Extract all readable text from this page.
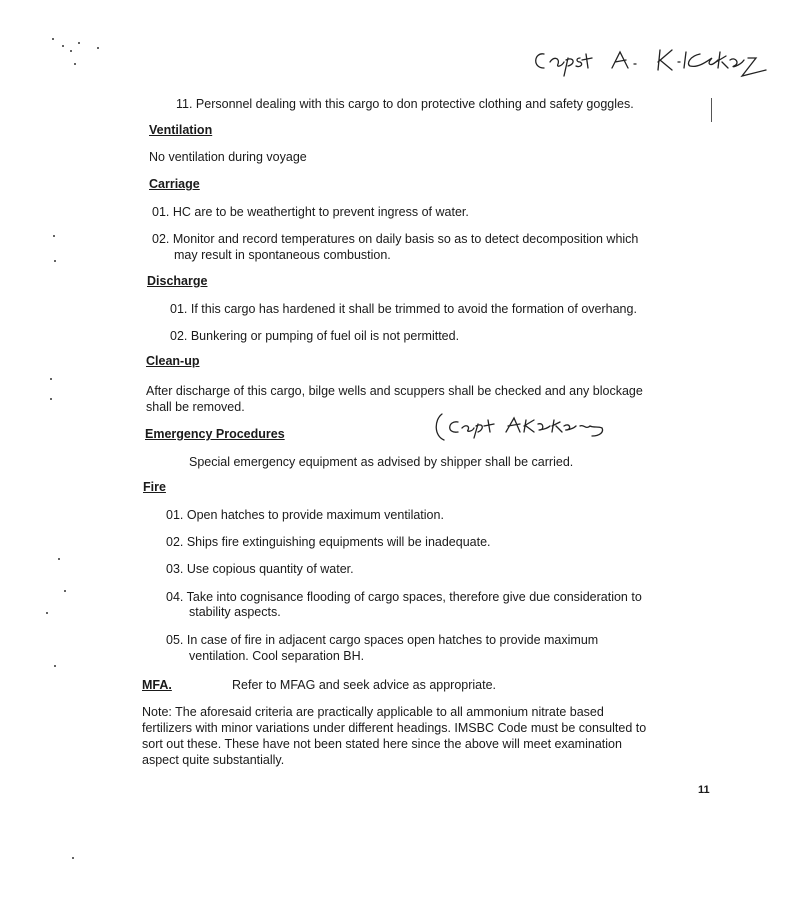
11. Personnel dealing with this cargo to don protective clothing and safety goggles.
Ventilation
No ventilation during voyage
Carriage
01. HC are to be weathertight to prevent ingress of water.
02. Monitor and record temperatures on daily basis so as to detect decomposition which
may result in spontaneous combustion.
Discharge
01. If this cargo has hardened it shall be trimmed to avoid the formation of overhang.
02. Bunkering or pumping of fuel oil is not permitted.
Clean-up
After discharge of this cargo, bilge wells and scuppers shall be checked and any blockage
shall be removed.
Emergency Procedures
Special emergency equipment as advised by shipper shall be carried.
Fire
01. Open hatches to provide maximum ventilation.
02. Ships fire extinguishing equipments will be inadequate.
03. Use copious quantity of water.
04. Take into cognisance flooding of cargo spaces, therefore give due consideration to
stability aspects.
05. In case of fire in adjacent cargo spaces open hatches to provide maximum
ventilation. Cool separation BH.
MFA.	Refer to MFAG and seek advice as appropriate.
Note: The aforesaid criteria are practically applicable to all ammonium nitrate based
fertilizers with minor variations under different headings. IMSBC Code must be consulted to
sort out these. These have not been stated here since the above will meet examination
aspect quite substantially.
11
